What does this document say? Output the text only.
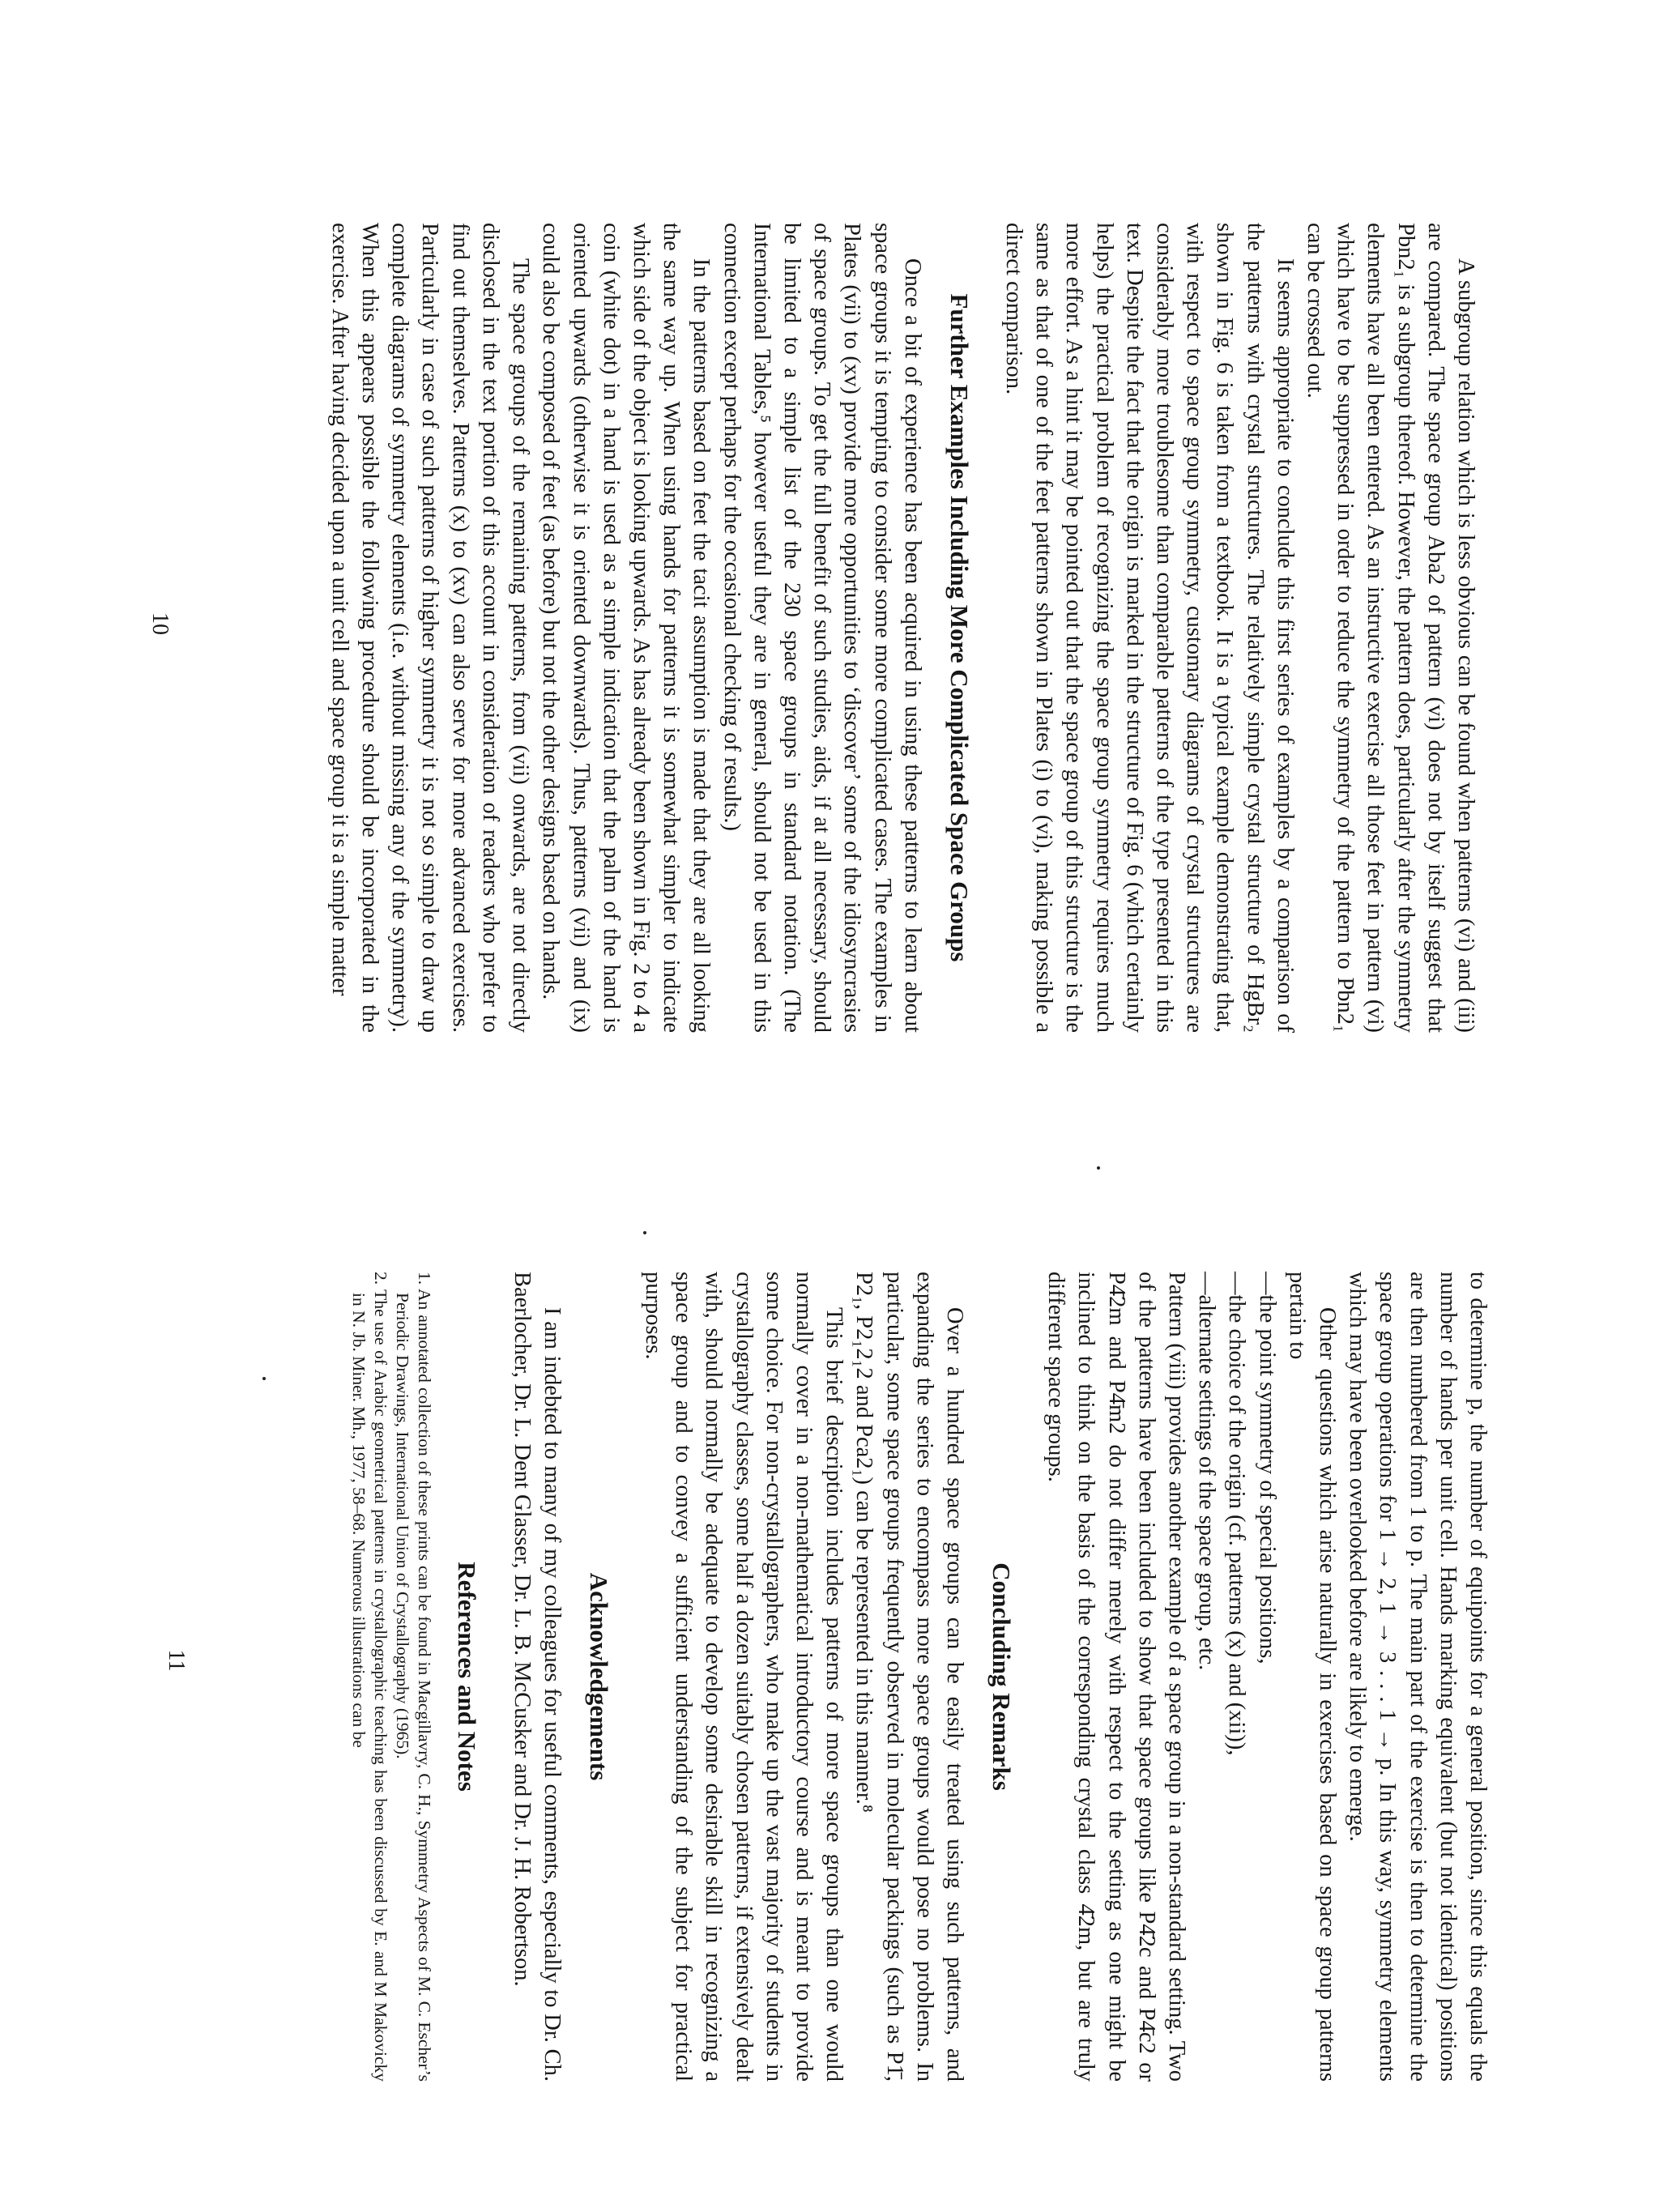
A subgroup relation which is less obvious can be found when patterns (vi) and (iii) are compared. The space group Aba2 of pattern (vi) does not by itself suggest that Pbn2₁ is a subgroup thereof. However, the pattern does, particularly after the symmetry elements have all been entered. As an instructive exercise all those feet in pattern (vi) which have to be suppressed in order to reduce the symmetry of the pattern to Pbn2₁ can be crossed out.

It seems appropriate to conclude this first series of examples by a comparison of the patterns with crystal structures. The relatively simple crystal structure of HgBr₂ shown in Fig. 6 is taken from a textbook. It is a typical example demonstrating that, with respect to space group symmetry, customary diagrams of crystal structures are considerably more troublesome than comparable patterns of the type presented in this text. Despite the fact that the origin is marked in the structure of Fig. 6 (which certainly helps) the practical problem of recognizing the space group symmetry requires much more effort. As a hint it may be pointed out that the space group of this structure is the same as that of one of the feet patterns shown in Plates (i) to (vi), making possible a direct comparison.

Further Examples Including More Complicated Space Groups

Once a bit of experience has been acquired in using these patterns to learn about space groups it is tempting to consider some more complicated cases. The examples in Plates (vii) to (xv) provide more opportunities to ‘discover’ some of the idiosyncrasies of space groups. To get the full benefit of such studies, aids, if at all necessary, should be limited to a simple list of the 230 space groups in standard notation. (The International Tables,⁵ however useful they are in general, should not be used in this connection except perhaps for the occasional checking of results.)

In the patterns based on feet the tacit assumption is made that they are all looking the same way up. When using hands for patterns it is somewhat simpler to indicate which side of the object is looking upwards. As has already been shown in Fig. 2 to 4 a coin (white dot) in a hand is used as a simple indication that the palm of the hand is oriented upwards (otherwise it is oriented downwards). Thus, patterns (vii) and (ix) could also be composed of feet (as before) but not the other designs based on hands.

The space groups of the remaining patterns, from (vii) onwards, are not directly disclosed in the text portion of this account in consideration of readers who prefer to find out themselves. Patterns (x) to (xv) can also serve for more advanced exercises. Particularly in case of such patterns of higher symmetry it is not so simple to draw up complete diagrams of symmetry elements (i.e. without missing any of the symmetry). When this appears possible the following procedure should be incorporated in the exercise. After having decided upon a unit cell and space group it is a simple matter

10

to determine p, the number of equipoints for a general position, since this equals the number of hands per unit cell. Hands marking equivalent (but not identical) positions are then numbered from 1 to p. The main part of the exercise is then to determine the space group operations for 1 → 2, 1 → 3 . . . 1 → p. In this way, symmetry elements which may have been overlooked before are likely to emerge.

Other questions which arise naturally in exercises based on space group patterns pertain to

—the point symmetry of special positions,

—the choice of the origin (cf. patterns (x) and (xii)),

—alternate settings of the space group, etc.

Pattern (viii) provides another example of a space group in a non-standard setting. Two of the patterns have been included to show that space groups like P4̄2c and P4̄c2 or P4̄2m and P4̄m2 do not differ merely with respect to the setting as one might be inclined to think on the basis of the corresponding crystal class 4̄2m, but are truly different space groups.

Concluding Remarks

Over a hundred space groups can be easily treated using such patterns, and expanding the series to encompass more space groups would pose no problems. In particular, some space groups frequently observed in molecular packings (such as P1̄, P2₁, P2₁2₁2 and Pca2₁) can be represented in this manner.⁸

This brief description includes patterns of more space groups than one would normally cover in a non-mathematical introductory course and is meant to provide some choice. For non-crystallographers, who make up the vast majority of students in crystallography classes, some half a dozen suitably chosen patterns, if extensively dealt with, should normally be adequate to develop some desirable skill in recognizing a space group and to convey a sufficient understanding of the subject for practical purposes.

Acknowledgements

I am indebted to many of my colleagues for useful comments, especially to Dr. Ch. Baerlocher, Dr. L. Dent Glasser, Dr. L. B. McCusker and Dr. J. H. Robertson.

References and Notes

1. An annotated collection of these prints can be found in Macgillavry, C. H., Symmetry Aspects of M. C. Escher’s Periodic Drawings, International Union of Crystallography (1965).

2. The use of Arabic geometrical patterns in crystallographic teaching has been discussed by E. and M Makovicky in N. Jb. Miner. Mh., 1977, 58–68. Numerous illustrations can be

11
